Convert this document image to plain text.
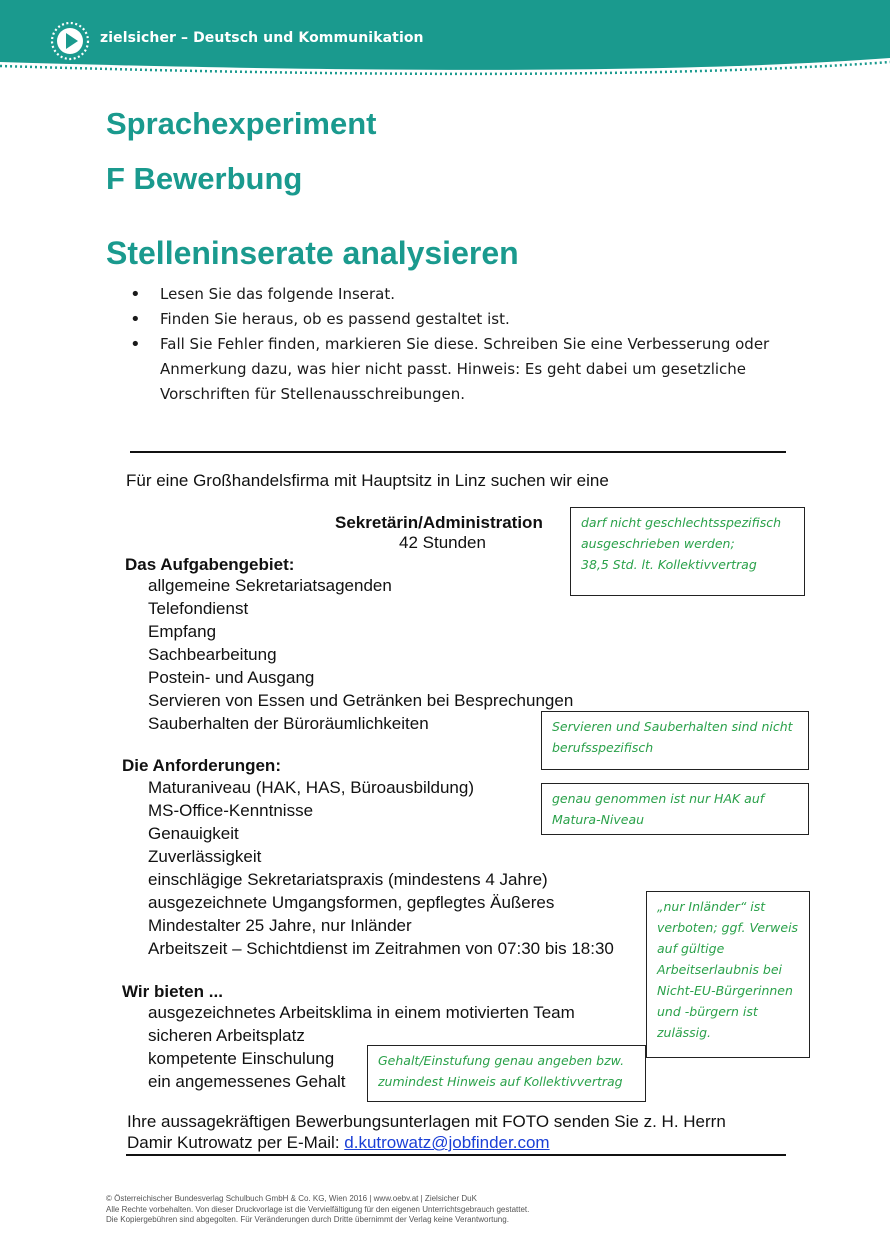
zielsicher – Deutsch und Kommunikation
Sprachexperiment
F Bewerbung
Stelleninserate analysieren
• Lesen Sie das folgende Inserat.
• Finden Sie heraus, ob es passend gestaltet ist.
• Fall Sie Fehler finden, markieren Sie diese. Schreiben Sie eine Verbesserung oder Anmerkung dazu, was hier nicht passt. Hinweis: Es geht dabei um gesetzliche Vorschriften für Stellenausschreibungen.
Für eine Großhandelsfirma mit Hauptsitz in Linz suchen wir eine
Sekretärin/Administration
42 Stunden
Das Aufgabengebiet:
allgemeine Sekretariatsagenden
Telefondienst
Empfang
Sachbearbeitung
Postein- und Ausgang
Servieren von Essen und Getränken bei Besprechungen
Sauberhalten der Büroräumlichkeiten
Die Anforderungen:
Maturaniveau (HAK, HAS, Büroausbildung)
MS-Office-Kenntnisse
Genauigkeit
Zuverlässigkeit
einschlägige Sekretariatspraxis (mindestens 4 Jahre)
ausgezeichnete Umgangsformen, gepflegtes Äußeres
Mindestalter 25 Jahre, nur Inländer
Arbeitszeit – Schichtdienst im Zeitrahmen von 07:30 bis 18:30
Wir bieten ...
ausgezeichnetes Arbeitsklima in einem motivierten Team
sicheren Arbeitsplatz
kompetente Einschulung
ein angemessenes Gehalt
Ihre aussagekräftigen Bewerbungsunterlagen mit FOTO senden Sie z. H. Herrn
Damir Kutrowatz per E-Mail: d.kutrowatz@jobfinder.com
darf nicht geschlechtsspezifisch
ausgeschrieben werden;
38,5 Std. lt. Kollektivvertrag
Servieren und Sauberhalten sind nicht
berufsspezifisch
genau genommen ist nur HAK auf
Matura-Niveau
„nur Inländer“ ist
verboten; ggf. Verweis
auf gültige
Arbeitserlaubnis bei
Nicht-EU-Bürgerinnen
und -bürgern ist
zulässig.
Gehalt/Einstufung genau angeben bzw.
zumindest Hinweis auf Kollektivvertrag
© Österreichischer Bundesverlag Schulbuch GmbH & Co. KG, Wien 2016 | www.oebv.at | Zielsicher DuK
Alle Rechte vorbehalten. Von dieser Druckvorlage ist die Vervielfältigung für den eigenen Unterrichtsgebrauch gestattet.
Die Kopiergebühren sind abgegolten. Für Veränderungen durch Dritte übernimmt der Verlag keine Verantwortung.
